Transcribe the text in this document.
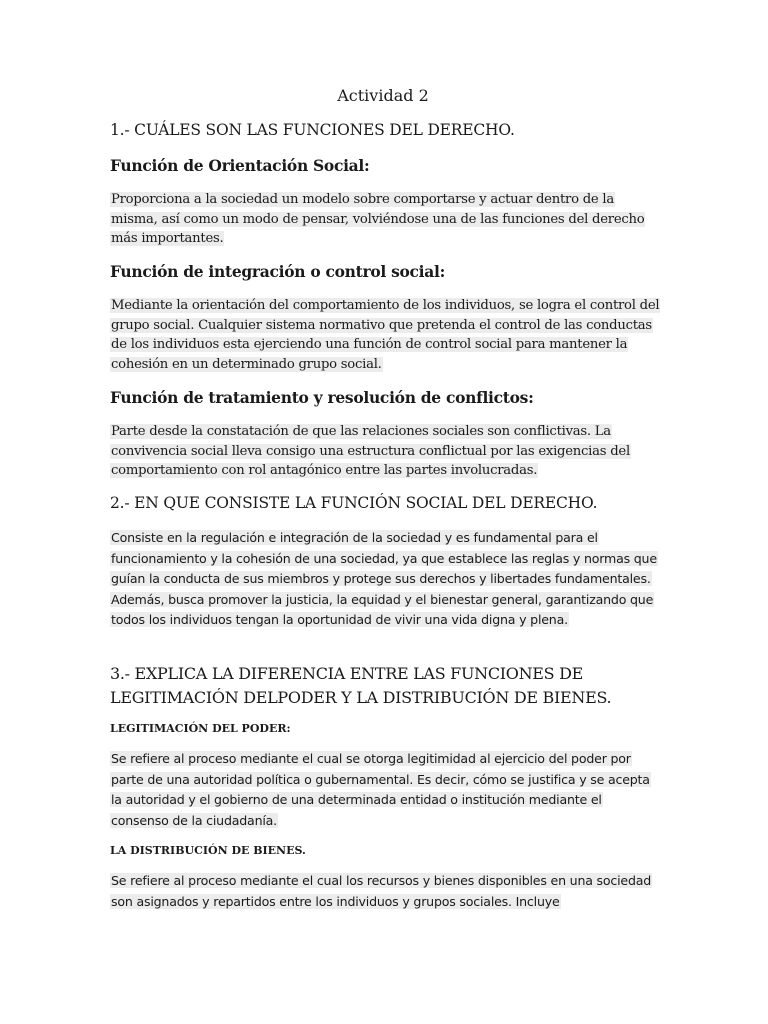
Actividad 2
1.- CUÁLES SON LAS FUNCIONES DEL DERECHO.
Función de Orientación Social:
Proporciona a la sociedad un modelo sobre comportarse y actuar dentro de la misma, así como un modo de pensar, volviéndose una de las funciones del derecho más importantes.
Función de integración o control social:
Mediante la orientación del comportamiento de los individuos, se logra el control del grupo social. Cualquier sistema normativo que pretenda el control de las conductas de los individuos esta ejerciendo una función de control social para mantener la cohesión en un determinado grupo social.
Función de tratamiento y resolución de conflictos:
Parte desde la constatación de que las relaciones sociales son conflictivas. La convivencia social lleva consigo una estructura conflictual por las exigencias del comportamiento con rol antagónico entre las partes involucradas.
2.- EN QUE CONSISTE LA FUNCIÓN SOCIAL DEL DERECHO.
Consiste en la regulación e integración de la sociedad y es fundamental para el funcionamiento y la cohesión de una sociedad, ya que establece las reglas y normas que guían la conducta de sus miembros y protege sus derechos y libertades fundamentales. Además, busca promover la justicia, la equidad y el bienestar general, garantizando que todos los individuos tengan la oportunidad de vivir una vida digna y plena.
3.- EXPLICA LA DIFERENCIA ENTRE LAS FUNCIONES DE LEGITIMACIÓN DELPODER Y LA DISTRIBUCIÓN DE BIENES.
LEGITIMACIÓN DEL PODER:
Se refiere al proceso mediante el cual se otorga legitimidad al ejercicio del poder por parte de una autoridad política o gubernamental. Es decir, cómo se justifica y se acepta la autoridad y el gobierno de una determinada entidad o institución mediante el consenso de la ciudadanía.
LA DISTRIBUCIÓN DE BIENES.
Se refiere al proceso mediante el cual los recursos y bienes disponibles en una sociedad son asignados y repartidos entre los individuos y grupos sociales. Incluye
